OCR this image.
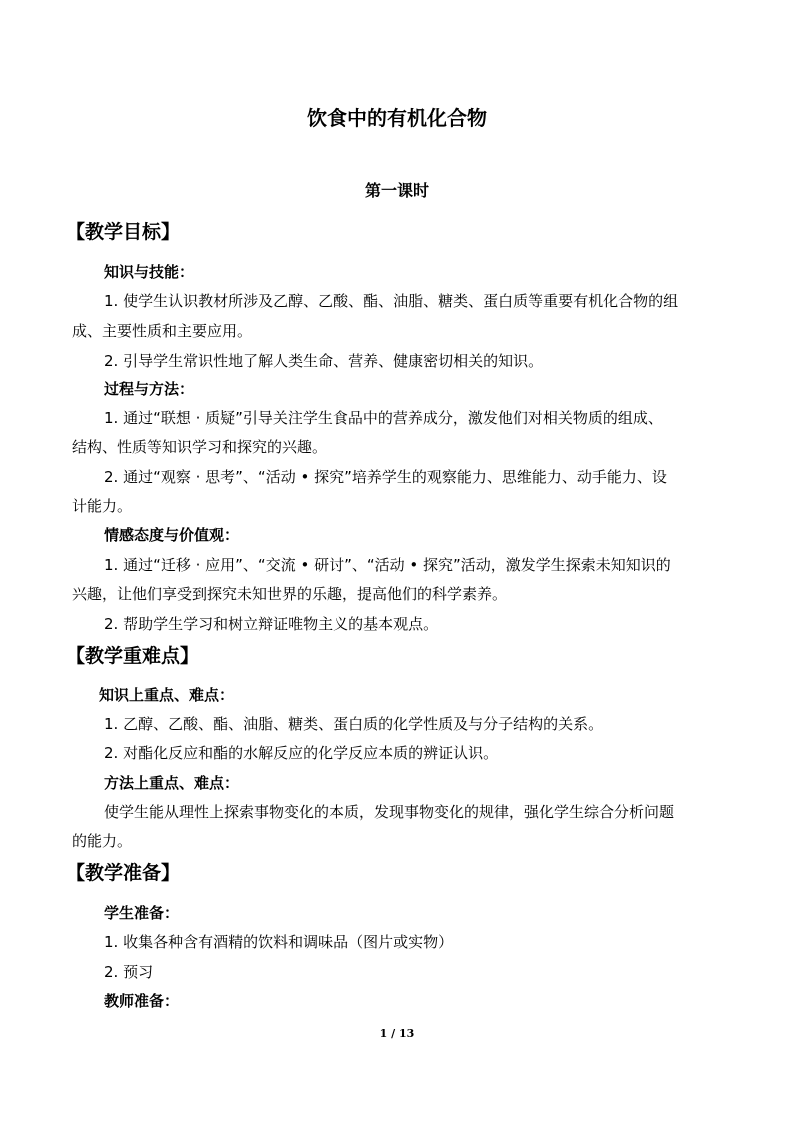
饮食中的有机化合物
第一课时
【教学目标】
知识与技能：
1. 使学生认识教材所涉及乙醇、乙酸、酯、油脂、糖类、蛋白质等重要有机化合物的组
成、主要性质和主要应用。
2. 引导学生常识性地了解人类生命、营养、健康密切相关的知识。
过程与方法：
1. 通过“联想 · 质疑”引导关注学生食品中的营养成分，激发他们对相关物质的组成、
结构、性质等知识学习和探究的兴趣。
2. 通过“观察 · 思考”、“活动 • 探究”培养学生的观察能力、思维能力、动手能力、设
计能力。
情感态度与价值观：
1. 通过“迁移 · 应用”、“交流 • 研讨”、“活动 • 探究”活动，激发学生探索未知知识的
兴趣，让他们享受到探究未知世界的乐趣，提高他们的科学素养。
2. 帮助学生学习和树立辩证唯物主义的基本观点。
【教学重难点】
知识上重点、难点：
1. 乙醇、乙酸、酯、油脂、糖类、蛋白质的化学性质及与分子结构的关系。
2. 对酯化反应和酯的水解反应的化学反应本质的辨证认识。
方法上重点、难点：
使学生能从理性上探索事物变化的本质，发现事物变化的规律，强化学生综合分析问题
的能力。
【教学准备】
学生准备：
1. 收集各种含有酒精的饮料和调味品（图片或实物）
2. 预习
教师准备：
1 / 13
